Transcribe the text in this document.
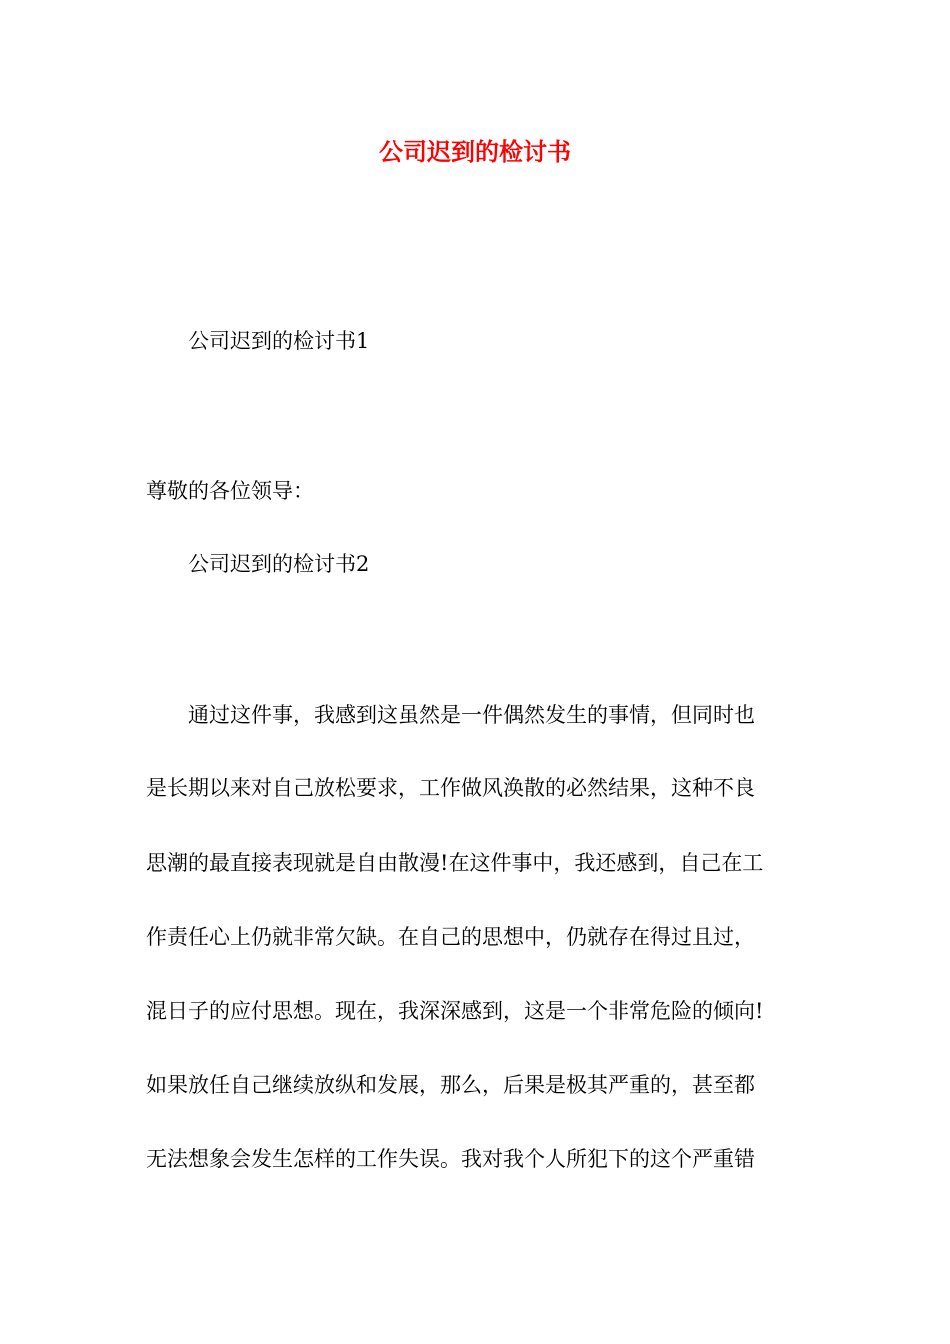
公司迟到的检讨书

公司迟到的检讨书1

尊敬的各位领导：

公司迟到的检讨书2

通过这件事，我感到这虽然是一件偶然发生的事情，但同时也

是长期以来对自己放松要求，工作做风涣散的必然结果，这种不良

思潮的最直接表现就是自由散漫!在这件事中，我还感到，自己在工

作责任心上仍就非常欠缺。在自己的思想中，仍就存在得过且过，

混日子的应付思想。现在，我深深感到，这是一个非常危险的倾向!

如果放任自己继续放纵和发展，那么，后果是极其严重的，甚至都

无法想象会发生怎样的工作失误。我对我个人所犯下的这个严重错
